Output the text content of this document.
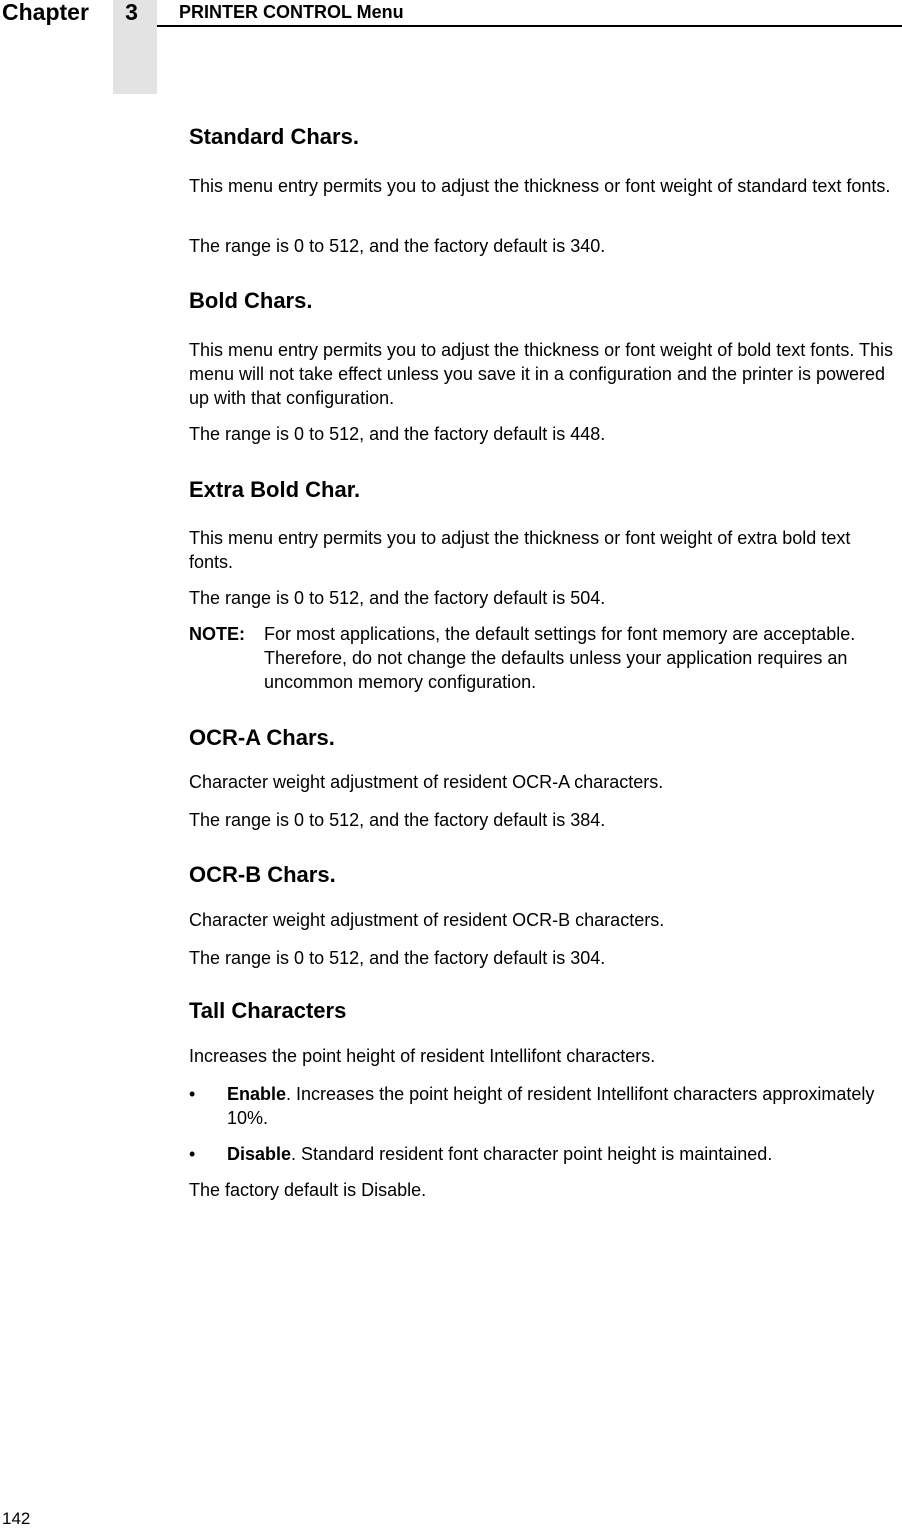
Chapter	3	PRINTER CONTROL Menu
Standard Chars.
This menu entry permits you to adjust the thickness or font weight of standard text fonts.
The range is 0 to 512, and the factory default is 340.
Bold Chars.
This menu entry permits you to adjust the thickness or font weight of bold text fonts. This menu will not take effect unless you save it in a configuration and the printer is powered up with that configuration.
The range is 0 to 512, and the factory default is 448.
Extra Bold Char.
This menu entry permits you to adjust the thickness or font weight of extra bold text fonts.
The range is 0 to 512, and the factory default is 504.
NOTE: For most applications, the default settings for font memory are acceptable. Therefore, do not change the defaults unless your application requires an uncommon memory configuration.
OCR-A Chars.
Character weight adjustment of resident OCR-A characters.
The range is 0 to 512, and the factory default is 384.
OCR-B Chars.
Character weight adjustment of resident OCR-B characters.
The range is 0 to 512, and the factory default is 304.
Tall Characters
Increases the point height of resident Intellifont characters.
• Enable. Increases the point height of resident Intellifont characters approximately 10%.
• Disable. Standard resident font character point height is maintained.
The factory default is Disable.
142
